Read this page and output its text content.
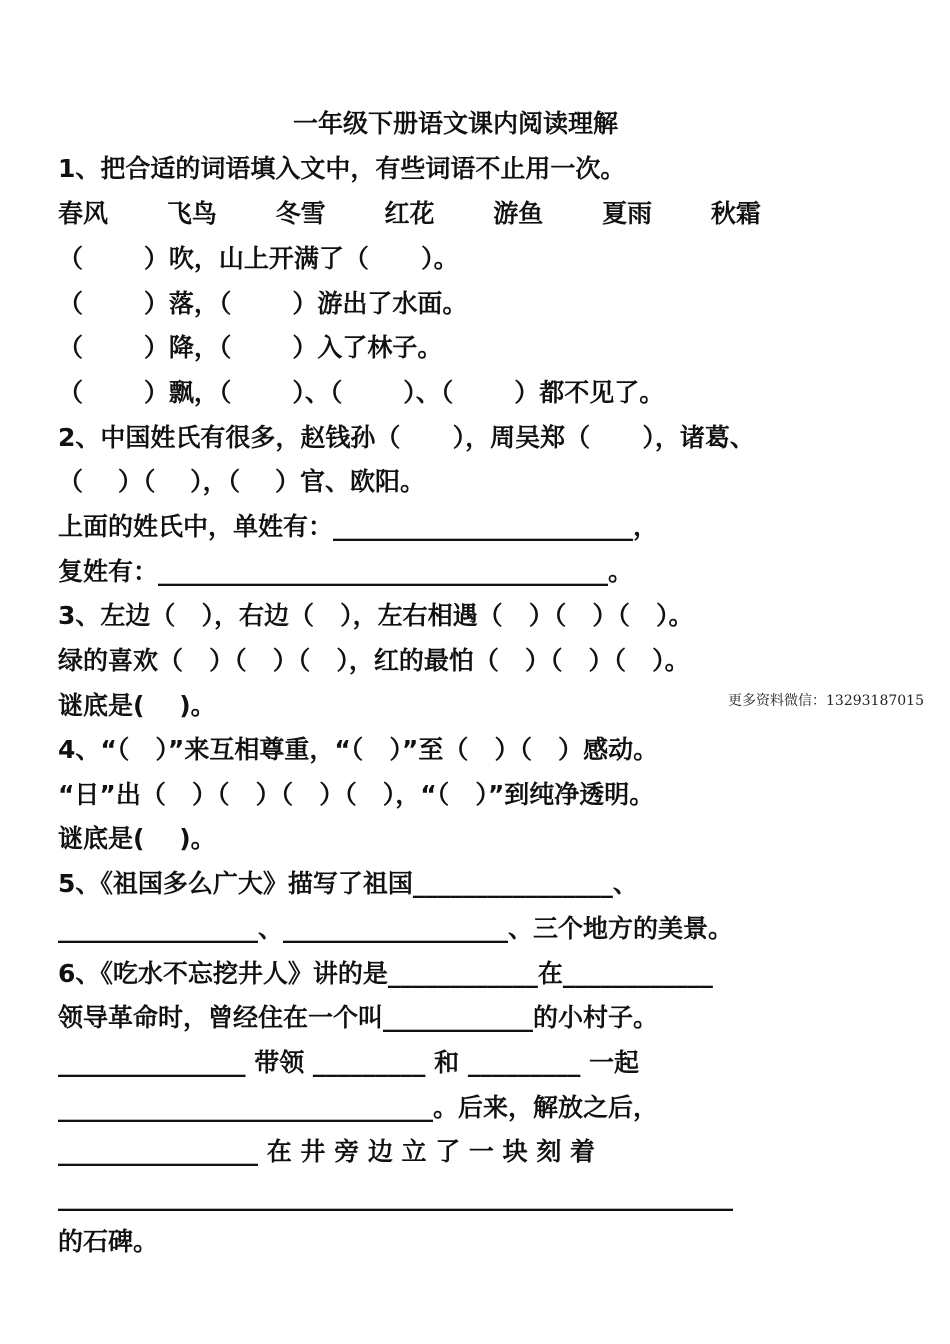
一年级下册语文课内阅读理解
1、把合适的词语填入文中，有些词语不止用一次。
春风    飞鸟    冬雪    红花    游鱼    夏雨    秋霜
（       ）吹，山上开满了（      ）。
（       ）落，（       ）游出了水面。
（       ）降，（       ）入了林子。
（       ）飘，（       ）、（       ）、（       ）都不见了。
2、中国姓氏有很多，赵钱孙（      ），周吴郑（      ），诸葛、
（    ）（    ），（    ）官、欧阳。
上面的姓氏中，单姓有：________________________，
复姓有：____________________________________。
3、左边（   ），右边（   ），左右相遇（   ）（   ）（   ）。
绿的喜欢（   ）（   ）（   ），红的最怕（   ）（   ）（   ）。
谜底是(    )。	更多资料微信：13293187015
4、“（   ）”来互相尊重，“（   ）”至（   ）（   ）感动。
“日”出（   ）（   ）（   ）（   ），“（   ）”到纯净透明。
谜底是(    )。
5、《祖国多么广大》描写了祖国________________、
________________、__________________、三个地方的美景。
6、《吃水不忘挖井人》讲的是____________在____________
领导革命时，曾经住在一个叫____________的小村子。
_______________ 带领 _________ 和 _________ 一起
______________________________。后来，解放之后，
________________ 在 井 旁 边 立 了 一 块 刻 着
______________________________________________________
的石碑。
